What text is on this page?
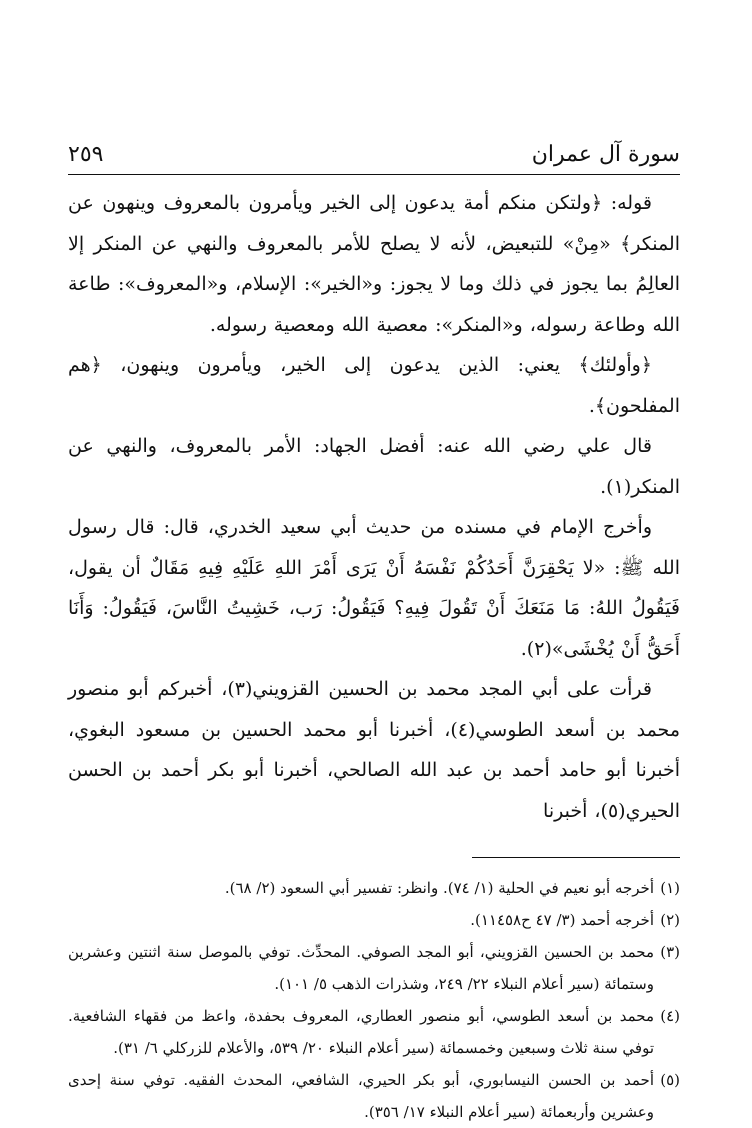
سورة آل عمران
٢٥٩

قوله: ﴿ولتكن منكم أمة يدعون إلى الخير ويأمرون بالمعروف وينهون عن المنكر﴾ «مِنْ» للتبعيض، لأنه لا يصلح للأمر بالمعروف والنهي عن المنكر إلا العالِمُ بما يجوز في ذلك وما لا يجوز: و«الخير»: الإسلام، و«المعروف»: طاعة الله وطاعة رسوله، و«المنكر»: معصية الله ومعصية رسوله.

﴿وأولئك﴾ يعني: الذين يدعون إلى الخير، ويأمرون وينهون، ﴿هم المفلحون﴾.

قال علي رضي الله عنه: أفضل الجهاد: الأمر بالمعروف، والنهي عن المنكر(١).

وأخرج الإمام في مسنده من حديث أبي سعيد الخدري، قال: قال رسول الله ﷺ: «لا يَحْقِرَنَّ أَحَدُكُمْ نَفْسَهُ أَنْ يَرَى أَمْرَ اللهِ عَلَيْهِ فِيهِ مَقَالٌ أن يقول، فَيَقُولُ اللهُ: مَا مَنَعَكَ أَنْ تَقُولَ فِيهِ؟ فَيَقُولُ: رَب، خَشِيتُ النَّاسَ، فَيَقُولُ: وَأَنَا أَحَقُّ أَنْ يُخْشَى»(٢).

قرأت على أبي المجد محمد بن الحسين القزويني(٣)، أخبركم أبو منصور محمد بن أسعد الطوسي(٤)، أخبرنا أبو محمد الحسين بن مسعود البغوي، أخبرنا أبو حامد أحمد بن عبد الله الصالحي، أخبرنا أبو بكر أحمد بن الحسن الحيري(٥)، أخبرنا

(١)أخرجه أبو نعيم في الحلية (١/ ٧٤). وانظر: تفسير أبي السعود (٢/ ٦٨).

(٢)أخرجه أحمد (٣/ ٤٧ ح١١٤٥٨).

(٣)محمد بن الحسين القزويني، أبو المجد الصوفي. المحدِّث. توفي بالموصل سنة اثنتين وعشرين وستمائة (سير أعلام النبلاء ٢٢/ ٢٤٩، وشذرات الذهب ٥/ ١٠١).

(٤)محمد بن أسعد الطوسي، أبو منصور العطاري، المعروف بحفدة، واعظ من فقهاء الشافعية. توفي سنة ثلاث وسبعين وخمسمائة (سير أعلام النبلاء ٢٠/ ٥٣٩، والأعلام للزركلي ٦/ ٣١).

(٥)أحمد بن الحسن النيسابوري، أبو بكر الحيري، الشافعي، المحدث الفقيه. توفي سنة إحدى وعشرين وأربعمائة (سير أعلام النبلاء ١٧/ ٣٥٦).
